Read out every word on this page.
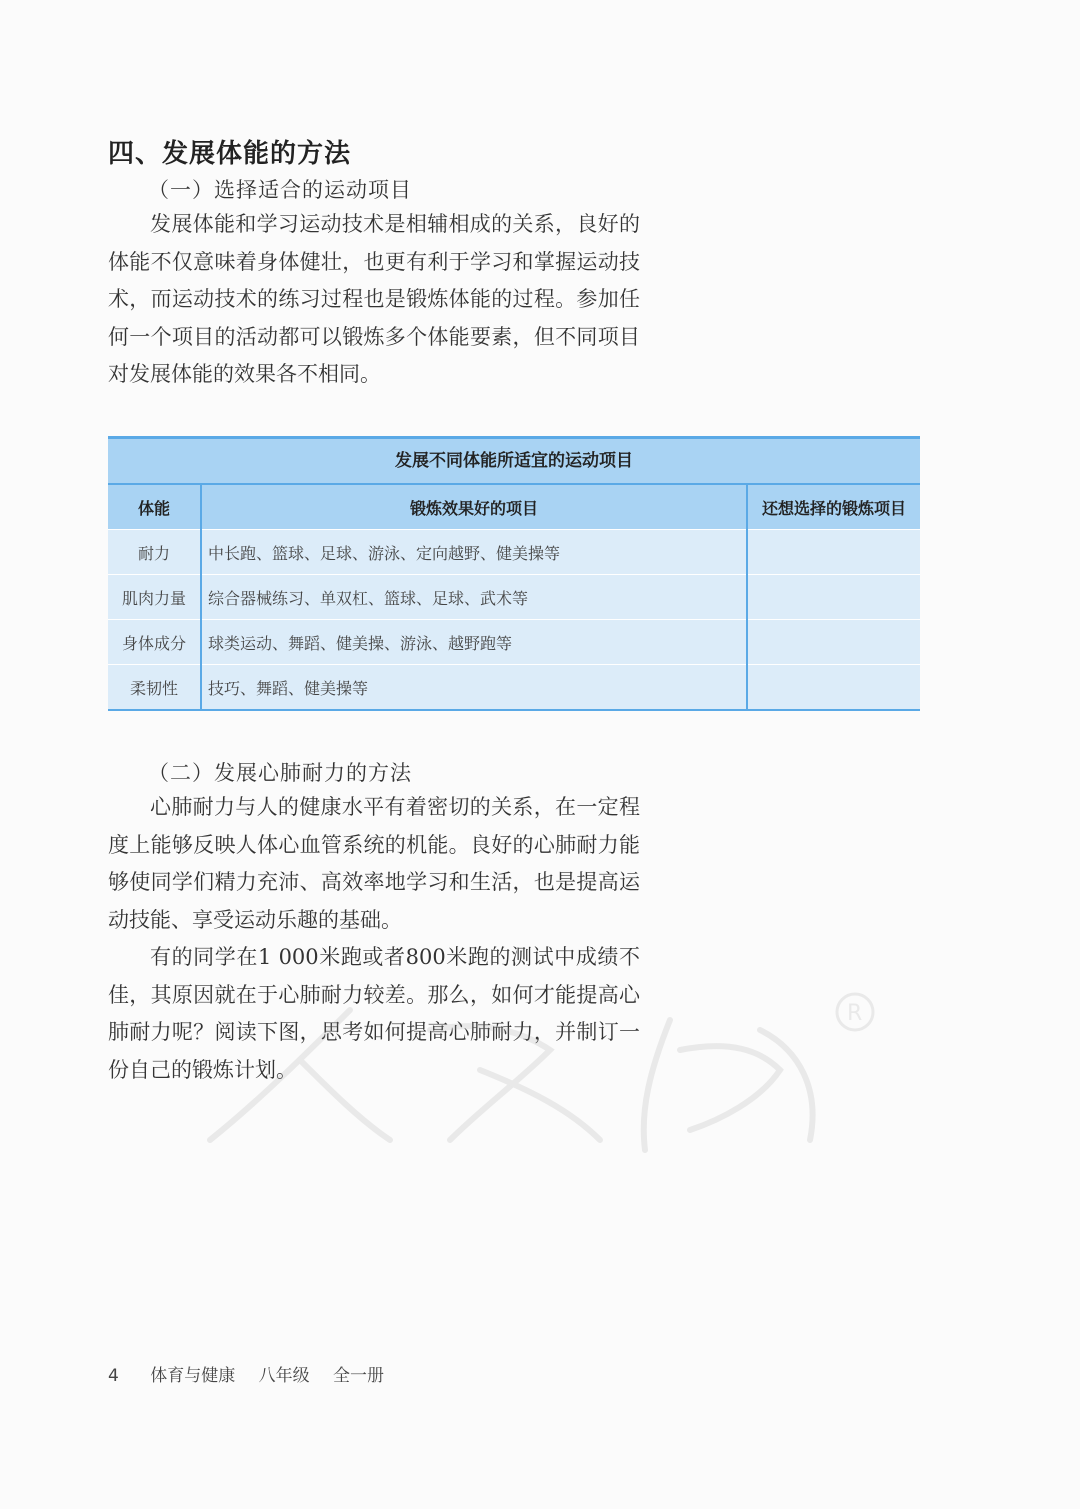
四、发展体能的方法
（一）选择适合的运动项目

发展体能和学习运动技术是相辅相成的关系，良好的体能不仅意味着身体健壮，也更有利于学习和掌握运动技术，而运动技术的练习过程也是锻炼体能的过程。参加任何一个项目的活动都可以锻炼多个体能要素，但不同项目对发展体能的效果各不相同。

发展不同体能所适宜的运动项目
体能	锻炼效果好的项目	还想选择的锻炼项目
耐力	中长跑、篮球、足球、游泳、定向越野、健美操等	
肌肉力量	综合器械练习、单双杠、篮球、足球、武术等	
身体成分	球类运动、舞蹈、健美操、游泳、越野跑等	
柔韧性	技巧、舞蹈、健美操等	
（二）发展心肺耐力的方法

心肺耐力与人的健康水平有着密切的关系，在一定程度上能够反映人体心血管系统的机能。良好的心肺耐力能够使同学们精力充沛、高效率地学习和生活，也是提高运动技能、享受运动乐趣的基础。

有的同学在1 000米跑或者800米跑的测试中成绩不佳，其原因就在于心肺耐力较差。那么，如何才能提高心肺耐力呢？阅读下图，思考如何提高心肺耐力，并制订一份自己的锻炼计划。

R
4 体育与健康 八年级 全一册
